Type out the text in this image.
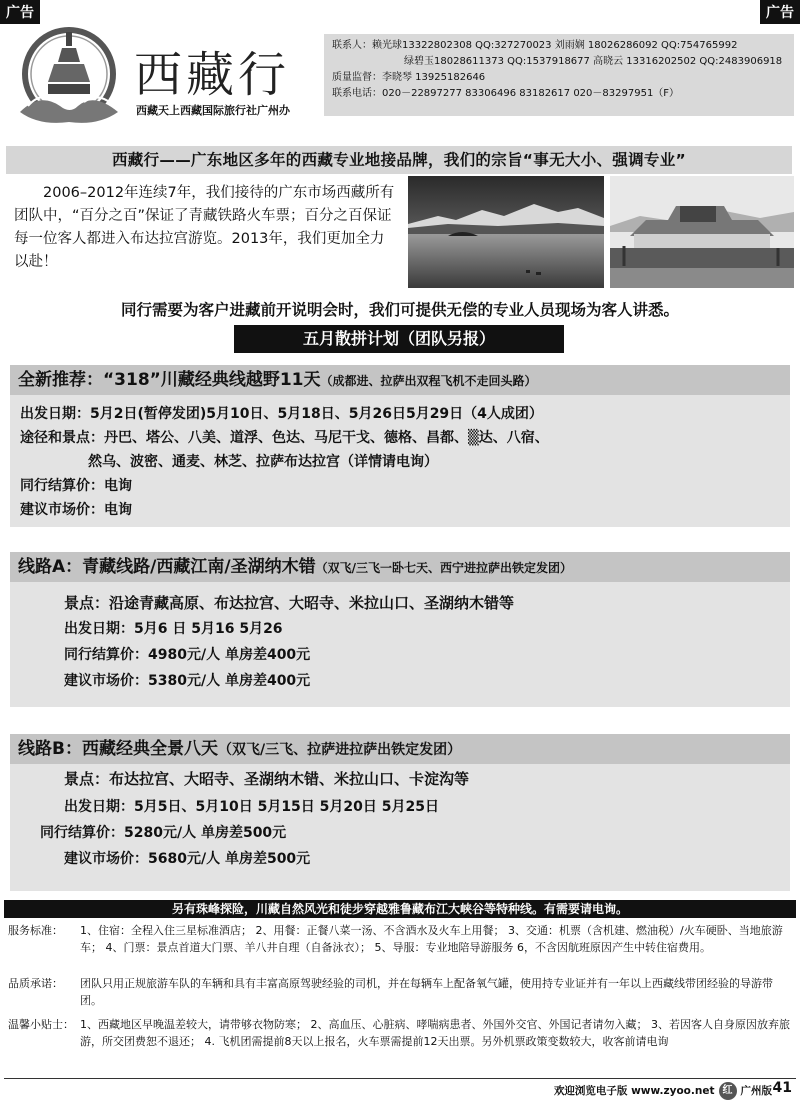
广告	广告
西藏行
西藏天上西藏国际旅行社广州办
联系人：赖光球13322802308 QQ:327270023 刘雨娴 18026286092 QQ:754765992
绿碧玉18028611373 QQ:1537918677 高晓云 13316202502 QQ:2483906918
质量监督：李晓琴 13925182646
联系电话：020－22897277 83306496 83182617 020－83297951（F）
西藏行——广东地区多年的西藏专业地接品牌，我们的宗旨“事无大小、强调专业”

2006–2012年连续7年，我们接待的广东市场西藏所有团队中，“百分之百”保证了青藏铁路火车票；百分之百保证每一位客人都进入布达拉宫游览。2013年，我们更加全力以赴！

同行需要为客户进藏前开说明会时，我们可提供无偿的专业人员现场为客人讲悉。
五月散拼计划（团队另报）
全新推荐：“318”川藏经典线越野11天（成都进、拉萨出双程飞机不走回头路）
出发日期：5月2日(暂停发团)5月10日、5月18日、5月26日5月29日（4人成团）
途径和景点：丹巴、塔公、八美、道浮、色达、马尼干戈、德格、昌都、▒达、八宿、
然乌、波密、通麦、林芝、拉萨布达拉宫（详情请电询）
同行结算价：电询
建议市场价：电询
线路A：青藏线路/西藏江南/圣湖纳木错（双飞/三飞一卧七天、西宁进拉萨出铁定发团）
景点：沿途青藏高原、布达拉宫、大昭寺、米拉山口、圣湖纳木错等
出发日期：5月6 日 5月16 5月26
同行结算价：4980元/人 单房差400元
建议市场价：5380元/人 单房差400元
线路B：西藏经典全景八天（双飞/三飞、拉萨进拉萨出铁定发团）
景点：布达拉宫、大昭寺、圣湖纳木错、米拉山口、卡淀沟等
出发日期：5月5日、5月10日 5月15日 5月20日 5月25日
同行结算价：5280元/人 单房差500元
建议市场价：5680元/人 单房差500元
另有珠峰探险，川藏自然风光和徒步穿越雅鲁藏布江大峡谷等特种线。有需要请电询。
服务标准： 1、住宿：全程入住三星标准酒店； 2、用餐：正餐八菜一汤、不含酒水及火车上用餐； 3、交通：机票（含机建、燃油税）/火车硬卧、当地旅游车； 4、门票：景点首道大门票、羊八井自理（自备泳衣）； 5、导服：专业地陪导游服务 6，不含因航班原因产生中转住宿费用。
品质承诺： 团队只用正规旅游车队的车辆和具有丰富高原驾驶经验的司机，并在每辆车上配备氧气罐，使用持专业证并有一年以上西藏线带团经验的导游带团。
温馨小贴士： 1、西藏地区早晚温差较大，请带够衣物防寒； 2、高血压、心脏病、哮喘病患者、外国外交官、外国记者请勿入藏； 3、若因客人自身原因放弃旅游，所交团费恕不退还； 4. 飞机团需提前8天以上报名，火车票需提前12天出票。另外机票政策变数较大，收客前请电询
欢迎浏览电子版 www.zyoo.net 红 广州版 41
